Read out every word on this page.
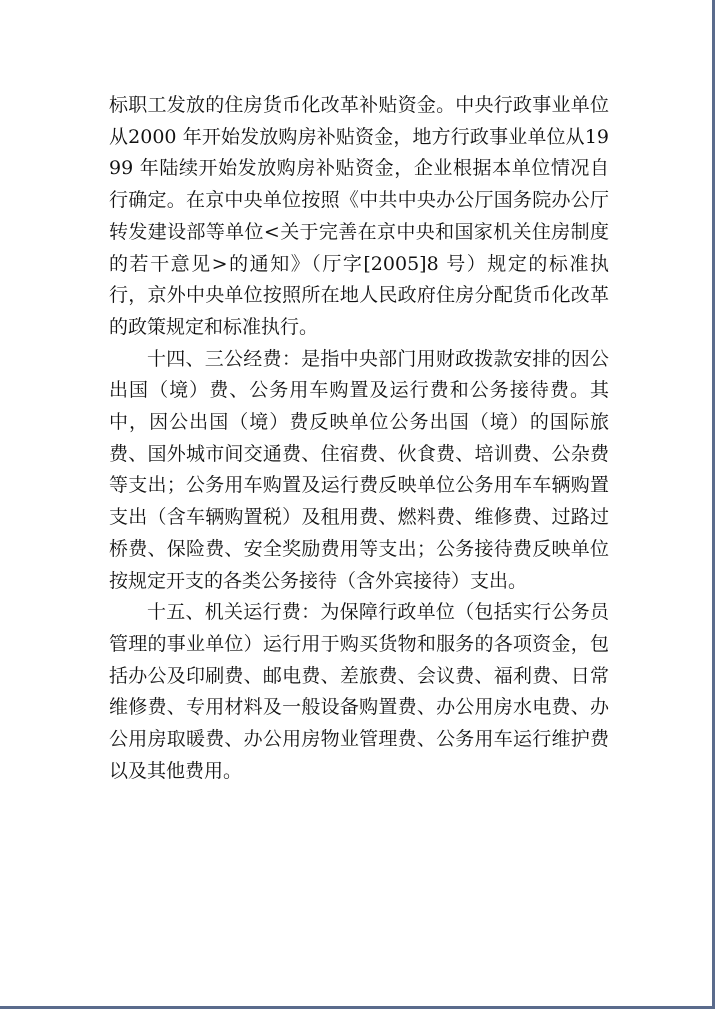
标职工发放的住房货币化改革补贴资金。中央行政事业单位从2000 年开始发放购房补贴资金，地方行政事业单位从1999 年陆续开始发放购房补贴资金，企业根据本单位情况自行确定。在京中央单位按照《中共中央办公厅国务院办公厅转发建设部等单位<关于完善在京中央和国家机关住房制度的若干意见>的通知》（厅字[2005]8 号）规定的标准执行，京外中央单位按照所在地人民政府住房分配货币化改革的政策规定和标准执行。

十四、三公经费：是指中央部门用财政拨款安排的因公出国（境）费、公务用车购置及运行费和公务接待费。其中，因公出国（境）费反映单位公务出国（境）的国际旅费、国外城市间交通费、住宿费、伙食费、培训费、公杂费等支出；公务用车购置及运行费反映单位公务用车车辆购置支出（含车辆购置税）及租用费、燃料费、维修费、过路过桥费、保险费、安全奖励费用等支出；公务接待费反映单位按规定开支的各类公务接待（含外宾接待）支出。

十五、机关运行费：为保障行政单位（包括实行公务员管理的事业单位）运行用于购买货物和服务的各项资金，包括办公及印刷费、邮电费、差旅费、会议费、福利费、日常维修费、专用材料及一般设备购置费、办公用房水电费、办公用房取暖费、办公用房物业管理费、公务用车运行维护费以及其他费用。
